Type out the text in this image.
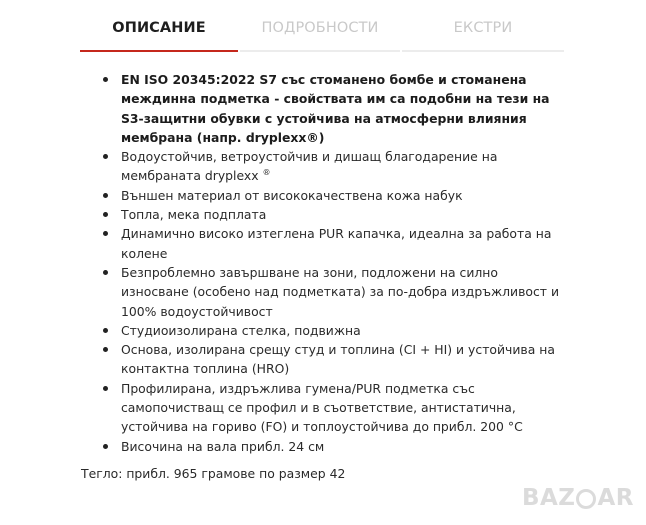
ОПИСАНИЕ	ПОДРОБНОСТИ	ЕКСТРИ
EN ISO 20345:2022 S7 със стоманено бомбе и стоманена междинна подметка - свойствата им са подобни на тези на S3-защитни обувки с устойчива на атмосферни влияния мембрана (напр. dryplexx®)
Водоустойчив, ветроустойчив и дишащ благодарение на мембраната dryplexx ®
Външен материал от висококачествена кожа набук
Топла, мека подплата
Динамично високо изтеглена PUR капачка, идеална за работа на колене
Безпроблемно завършване на зони, подложени на силно износване (особено над подметката) за по-добра издръжливост и 100% водоустойчивост
Студиоизолирана стелка, подвижна
Основа, изолирана срещу студ и топлина (CI + HI) и устойчива на контактна топлина (HRO)
Профилирана, издръжлива гумена/PUR подметка със самопочистващ се профил и в съответствие, антистатична, устойчива на гориво (FO) и топлоустойчива до прибл. 200 °C
Височина на вала прибл. 24 см
Тегло: прибл. 965 грамове по размер 42
BAZ AR
